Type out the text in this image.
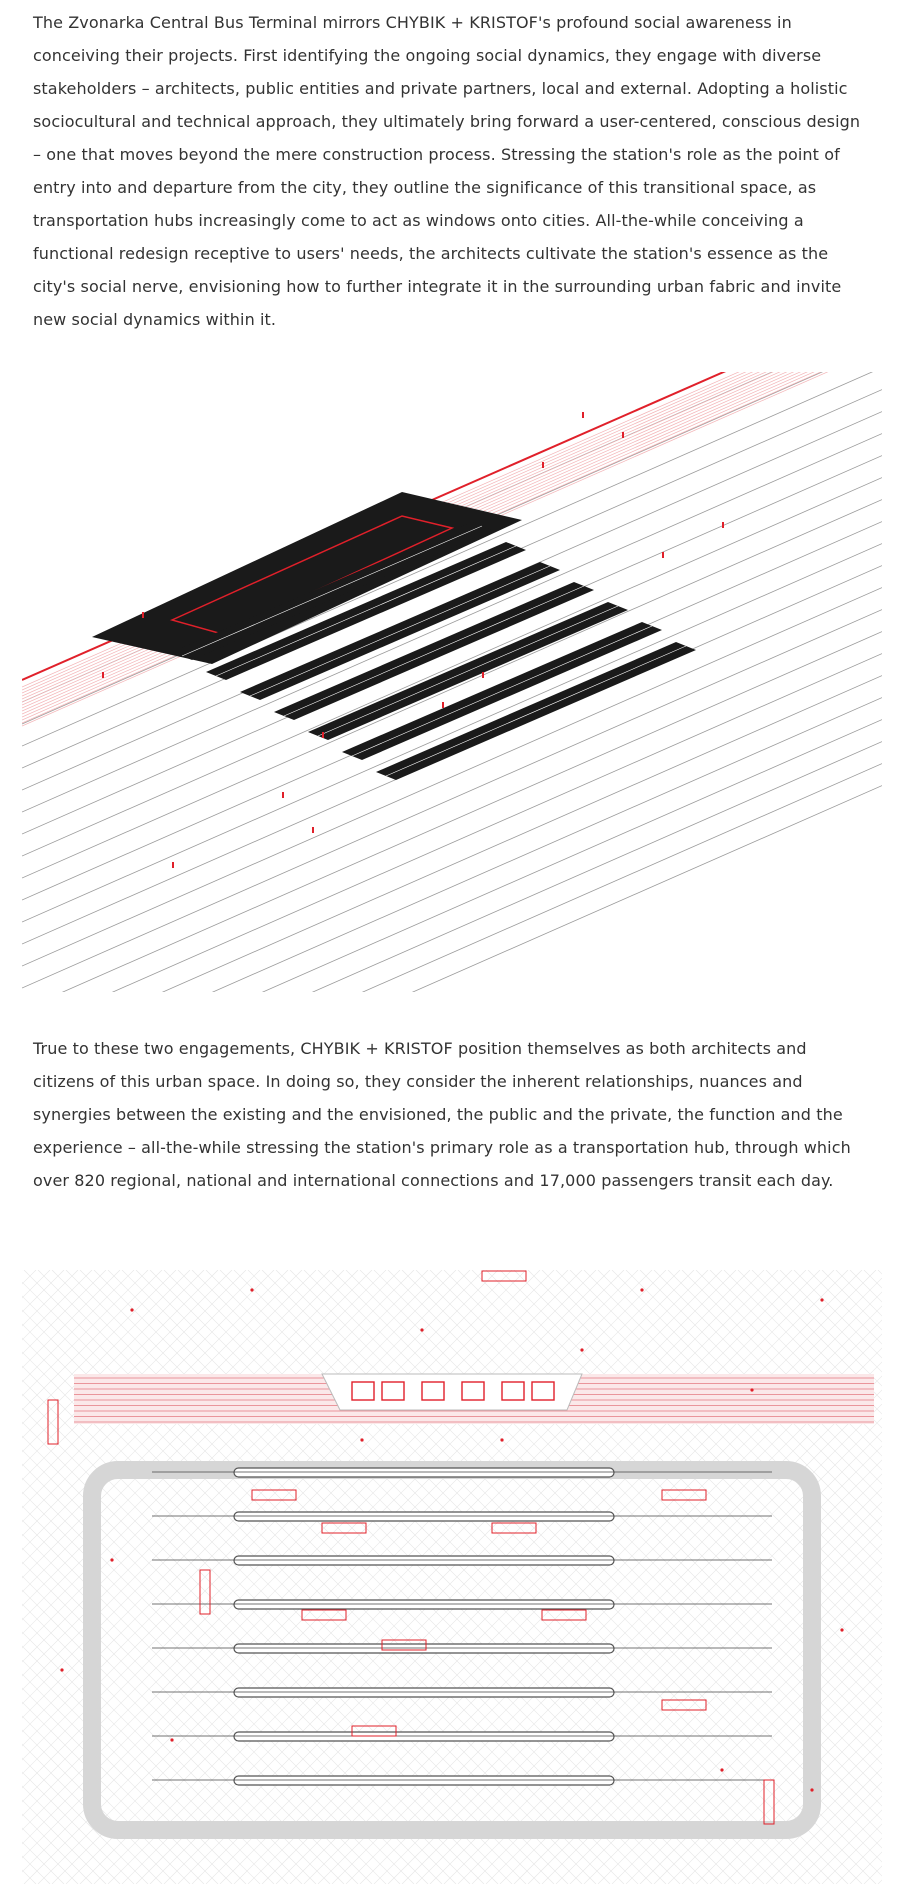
The Zvonarka Central Bus Terminal mirrors CHYBIK + KRISTOF's profound social awareness in conceiving their projects. First identifying the ongoing social dynamics, they engage with diverse stakeholders – architects, public entities and private partners, local and external. Adopting a holistic sociocultural and technical approach, they ultimately bring forward a user-centered, conscious design – one that moves beyond the mere construction process. Stressing the station's role as the point of entry into and departure from the city, they outline the significance of this transitional space, as transportation hubs increasingly come to act as windows onto cities. All-the-while conceiving a functional redesign receptive to users' needs, the architects cultivate the station's essence as the city's social nerve, envisioning how to further integrate it in the surrounding urban fabric and invite new social dynamics within it.

True to these two engagements, CHYBIK + KRISTOF position themselves as both architects and citizens of this urban space. In doing so, they consider the inherent relationships, nuances and synergies between the existing and the envisioned, the public and the private, the function and the experience – all-the-while stressing the station's primary role as a transportation hub, through which over 820 regional, national and international connections and 17,000 passengers transit each day.
